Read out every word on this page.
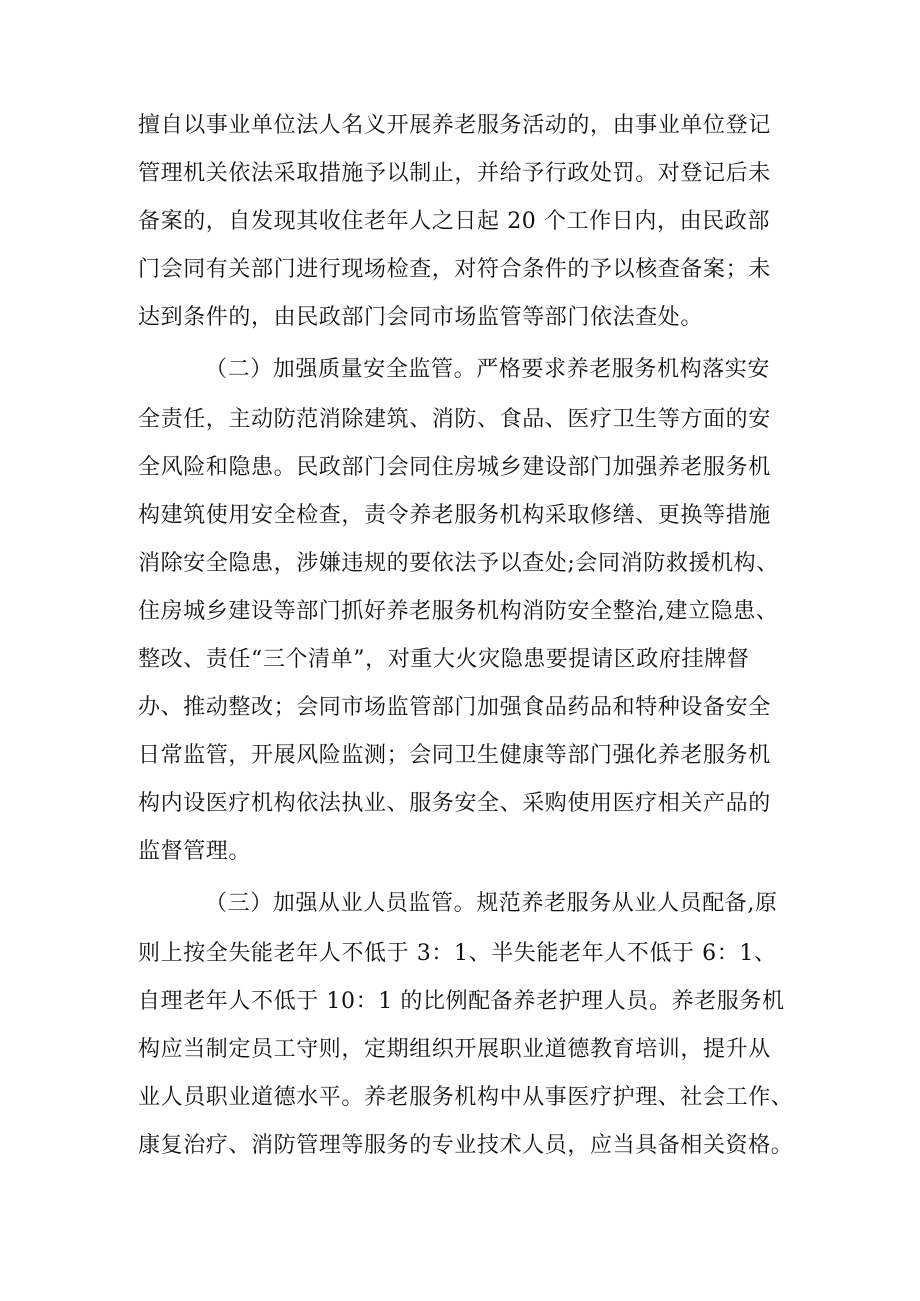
擅自以事业单位法人名义开展养老服务活动的，由事业单位登记
管理机关依法采取措施予以制止，并给予行政处罚。对登记后未
备案的，自发现其收住老年人之日起 20 个工作日内，由民政部
门会同有关部门进行现场检查，对符合条件的予以核查备案；未
达到条件的，由民政部门会同市场监管等部门依法查处。
（二）加强质量安全监管。严格要求养老服务机构落实安
全责任，主动防范消除建筑、消防、食品、医疗卫生等方面的安
全风险和隐患。民政部门会同住房城乡建设部门加强养老服务机
构建筑使用安全检查，责令养老服务机构采取修缮、更换等措施
消除安全隐患，涉嫌违规的要依法予以查处;会同消防救援机构、
住房城乡建设等部门抓好养老服务机构消防安全整治,建立隐患、
整改、责任“三个清单”，对重大火灾隐患要提请区政府挂牌督
办、推动整改；会同市场监管部门加强食品药品和特种设备安全
日常监管，开展风险监测；会同卫生健康等部门强化养老服务机
构内设医疗机构依法执业、服务安全、采购使用医疗相关产品的
监督管理。
（三）加强从业人员监管。规范养老服务从业人员配备,原
则上按全失能老年人不低于 3：1、半失能老年人不低于 6：1、
自理老年人不低于 10：1 的比例配备养老护理人员。养老服务机
构应当制定员工守则，定期组织开展职业道德教育培训，提升从
业人员职业道德水平。养老服务机构中从事医疗护理、社会工作、
康复治疗、消防管理等服务的专业技术人员，应当具备相关资格。
